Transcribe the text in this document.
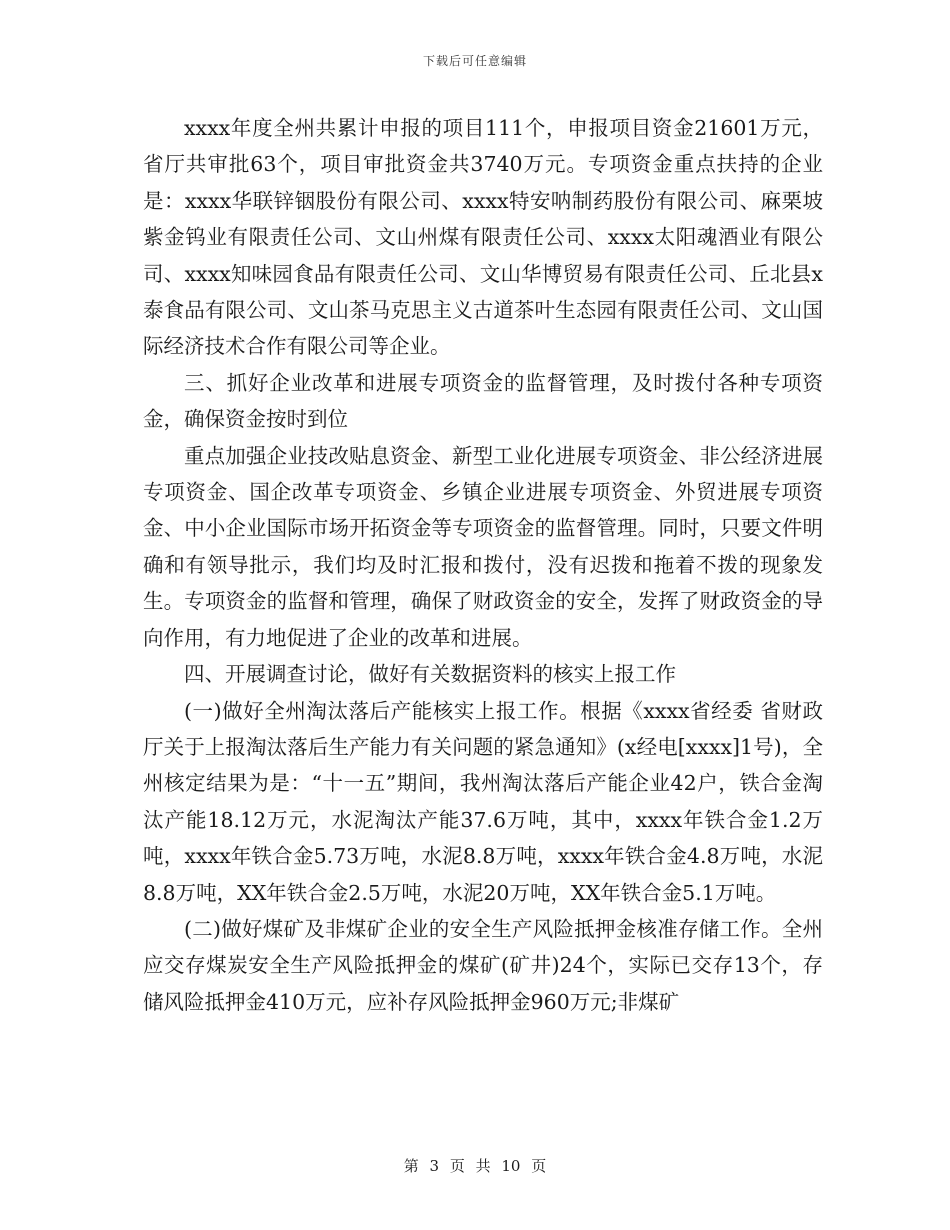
下载后可任意编辑

xxxx年度全州共累计申报的项目111个，申报项目资金21601万元，省厅共审批63个，项目审批资金共3740万元。专项资金重点扶持的企业是：xxxx华联锌铟股份有限公司、xxxx特安呐制药股份有限公司、麻栗坡紫金钨业有限责任公司、文山州煤有限责任公司、xxxx太阳魂酒业有限公司、xxxx知味园食品有限责任公司、文山华博贸易有限责任公司、丘北县x泰食品有限公司、文山茶马克思主义古道茶叶生态园有限责任公司、文山国际经济技术合作有限公司等企业。

三、抓好企业改革和进展专项资金的监督管理，及时拨付各种专项资金，确保资金按时到位

重点加强企业技改贴息资金、新型工业化进展专项资金、非公经济进展专项资金、国企改革专项资金、乡镇企业进展专项资金、外贸进展专项资金、中小企业国际市场开拓资金等专项资金的监督管理。同时，只要文件明确和有领导批示，我们均及时汇报和拨付，没有迟拨和拖着不拨的现象发生。专项资金的监督和管理，确保了财政资金的安全，发挥了财政资金的导向作用，有力地促进了企业的改革和进展。

四、开展调查讨论，做好有关数据资料的核实上报工作

(一)做好全州淘汰落后产能核实上报工作。根据《xxxx省经委 省财政厅关于上报淘汰落后生产能力有关问题的紧急通知》(x经电[xxxx]1号)，全州核定结果为是：“十一五”期间，我州淘汰落后产能企业42户，铁合金淘汰产能18.12万元，水泥淘汰产能37.6万吨，其中，xxxx年铁合金1.2万吨，xxxx年铁合金5.73万吨，水泥8.8万吨，xxxx年铁合金4.8万吨，水泥8.8万吨，XX年铁合金2.5万吨，水泥20万吨，XX年铁合金5.1万吨。

(二)做好煤矿及非煤矿企业的安全生产风险抵押金核准存储工作。全州应交存煤炭安全生产风险抵押金的煤矿(矿井)24个，实际已交存13个，存储风险抵押金410万元，应补存风险抵押金960万元;非煤矿

第 3 页 共 10 页
